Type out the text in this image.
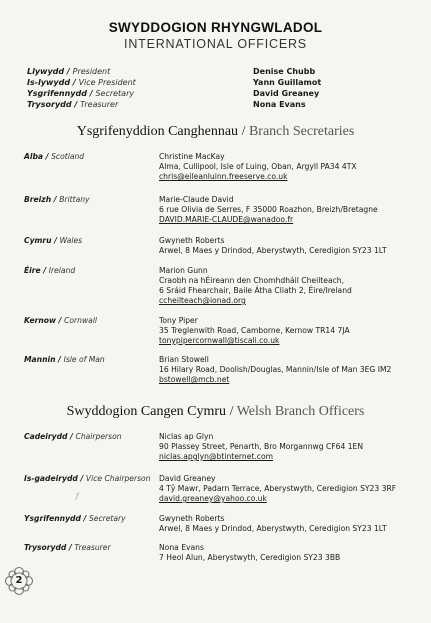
SWYDDOGION RHYNGWLADOL
INTERNATIONAL OFFICERS
Llywydd / President	Denise Chubb
Is-lywydd / Vice President	Yann Guillamot
Ysgrifennydd / Secretary	David Greaney
Trysorydd / Treasurer	Nona Evans
Ysgrifenyddion Canghennau / Branch Secretaries
Alba / Scotland	Christine MacKay
Alma, Cullipool, Isle of Luing, Oban, Argyll PA34 4TX
chris@eileanluinn.freeserve.co.uk
Breizh / Brittany	Marie-Claude David
6 rue Olivia de Serres, F 35000 Roazhon, Breizh/Bretagne
DAVID.MARIE-CLAUDE@wanadoo.fr
Cymru / Wales	Gwyneth Roberts
Arwel, 8 Maes y Drindod, Aberystwyth, Ceredigion SY23 1LT
Éire / Ireland	Marion Gunn
Craobh na hÉireann den Chomhdháil Cheilteach,
6 Sráid Fhearchair, Baile Átha Cliath 2, Éire/Ireland
ccheilteach@ionad.org
Kernow / Cornwall	Tony Piper
35 Treglenwith Road, Camborne, Kernow TR14 7JA
tonypipercornwall@tiscali.co.uk
Mannin / Isle of Man	Brian Stowell
16 Hilary Road, Doolish/Douglas, Mannin/Isle of Man 3EG IM2
bstowell@mcb.net
Swyddogion Cangen Cymru / Welsh Branch Officers
Cadeirydd / Chairperson	Niclas ap Glyn
90 Plassey Street, Penarth, Bro Morgannwg CF64 1EN
niclas.apglyn@btinternet.com
Is-gadeirydd / Vice Chairperson	David Greaney
4 Tŷ Mawr, Padarn Terrace, Aberystwyth, Ceredigion SY23 3RF
david.greaney@yahoo.co.uk
ƒ
Ysgrifennydd / Secretary	Gwyneth Roberts
Arwel, 8 Maes y Drindod, Aberystwyth, Ceredigion SY23 1LT
Trysorydd / Treasurer	Nona Evans
7 Heol Alun, Aberystwyth, Ceredigion SY23 3BB
2
